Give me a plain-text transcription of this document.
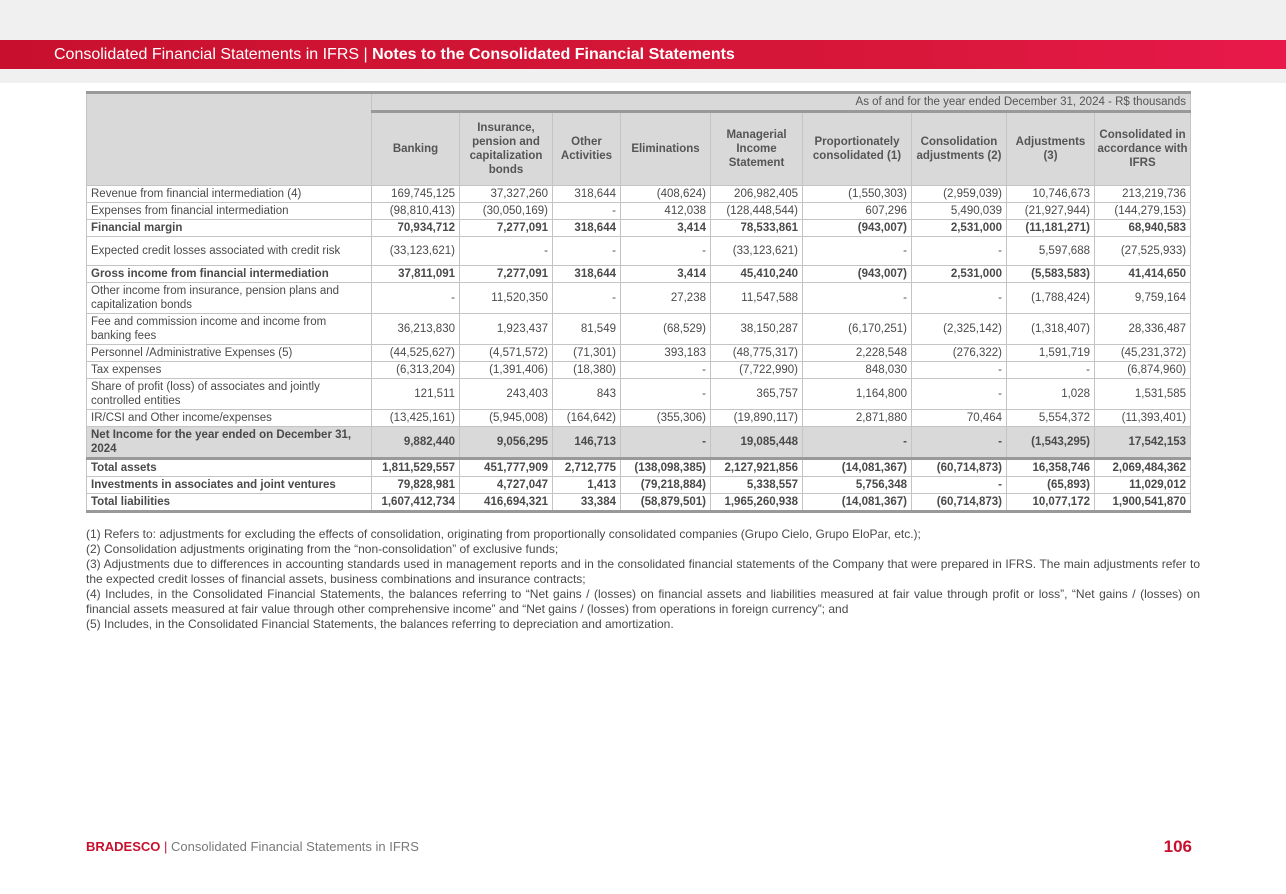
Consolidated Financial Statements in IFRS | Notes to the Consolidated Financial Statements
	As of and for the year ended December 31, 2024 - R$ thousands								
	Banking	Insurance, pension and capitalization bonds	Other Activities	Eliminations	Managerial Income Statement	Proportionately consolidated (1)	Consolidation adjustments (2)	Adjustments (3)	Consolidated in accordance with IFRS
Revenue from financial intermediation (4)	169,745,125	37,327,260	318,644	(408,624)	206,982,405	(1,550,303)	(2,959,039)	10,746,673	213,219,736
Expenses from financial intermediation	(98,810,413)	(30,050,169)	-	412,038	(128,448,544)	607,296	5,490,039	(21,927,944)	(144,279,153)
Financial margin	70,934,712	7,277,091	318,644	3,414	78,533,861	(943,007)	2,531,000	(11,181,271)	68,940,583
Expected credit losses associated with credit risk	(33,123,621)	-	-	-	(33,123,621)	-	-	5,597,688	(27,525,933)
Gross income from financial intermediation	37,811,091	7,277,091	318,644	3,414	45,410,240	(943,007)	2,531,000	(5,583,583)	41,414,650
Other income from insurance, pension plans and capitalization bonds	-	11,520,350	-	27,238	11,547,588	-	-	(1,788,424)	9,759,164
Fee and commission income and income from banking fees	36,213,830	1,923,437	81,549	(68,529)	38,150,287	(6,170,251)	(2,325,142)	(1,318,407)	28,336,487
Personnel /Administrative Expenses (5)	(44,525,627)	(4,571,572)	(71,301)	393,183	(48,775,317)	2,228,548	(276,322)	1,591,719	(45,231,372)
Tax expenses	(6,313,204)	(1,391,406)	(18,380)	-	(7,722,990)	848,030	-	-	(6,874,960)
Share of profit (loss) of associates and jointly controlled entities	121,511	243,403	843	-	365,757	1,164,800	-	1,028	1,531,585
IR/CSI and Other income/expenses	(13,425,161)	(5,945,008)	(164,642)	(355,306)	(19,890,117)	2,871,880	70,464	5,554,372	(11,393,401)
Net Income for the year ended on December 31, 2024	9,882,440	9,056,295	146,713	-	19,085,448	-	-	(1,543,295)	17,542,153
Total assets	1,811,529,557	451,777,909	2,712,775	(138,098,385)	2,127,921,856	(14,081,367)	(60,714,873)	16,358,746	2,069,484,362
Investments in associates and joint ventures	79,828,981	4,727,047	1,413	(79,218,884)	5,338,557	5,756,348	-	(65,893)	11,029,012
Total liabilities	1,607,412,734	416,694,321	33,384	(58,879,501)	1,965,260,938	(14,081,367)	(60,714,873)	10,077,172	1,900,541,870

(1) Refers to: adjustments for excluding the effects of consolidation, originating from proportionally consolidated companies (Grupo Cielo, Grupo EloPar, etc.);

(2) Consolidation adjustments originating from the “non-consolidation” of exclusive funds;

(3) Adjustments due to differences in accounting standards used in management reports and in the consolidated financial statements of the Company that were prepared in IFRS. The main adjustments refer to the expected credit losses of financial assets, business combinations and insurance contracts;

(4) Includes, in the Consolidated Financial Statements, the balances referring to “Net gains / (losses) on financial assets and liabilities measured at fair value through profit or loss”, “Net gains / (losses) on financial assets measured at fair value through other comprehensive income” and “Net gains / (losses) from operations in foreign currency”; and

(5) Includes, in the Consolidated Financial Statements, the balances referring to depreciation and amortization.

BRADESCO | Consolidated Financial Statements in IFRS	106
